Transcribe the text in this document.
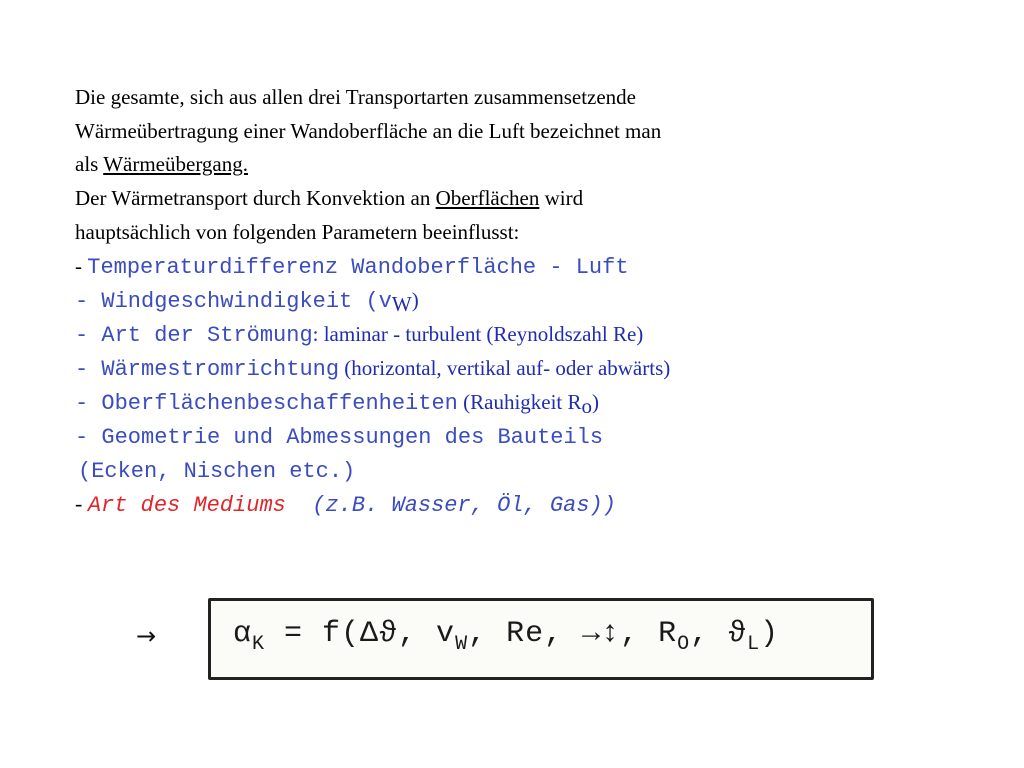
Die gesamte, sich aus allen drei Transportarten zusammensetzende
Wärmeübertragung einer Wandoberfläche an die Luft bezeichnet man
als Wärmeübergang.
Der Wärmetransport durch Konvektion an Oberflächen wird
hauptsächlich von folgenden Parametern beeinflusst:
- Temperaturdifferenz Wandoberfläche - Luft
- Windgeschwindigkeit $(v_W)$
- Art der Strömung: laminar - turbulent (Reynoldszahl Re)
- Wärmestromrichtung (horizontal, vertikal auf- oder abwärts)
- Oberflächenbeschaffenheiten (Rauhigkeit $R_o$)
- Geometrie und Abmessungen des Bauteils
(Ecken, Nischen etc.)
- Art des Mediums  (z.B. Wasser, Öl, Gas))
→	$\alpha_K = f(\Delta ϑ$, $v_W$, Re, →↕, $R_O$, $ϑ_L$)
